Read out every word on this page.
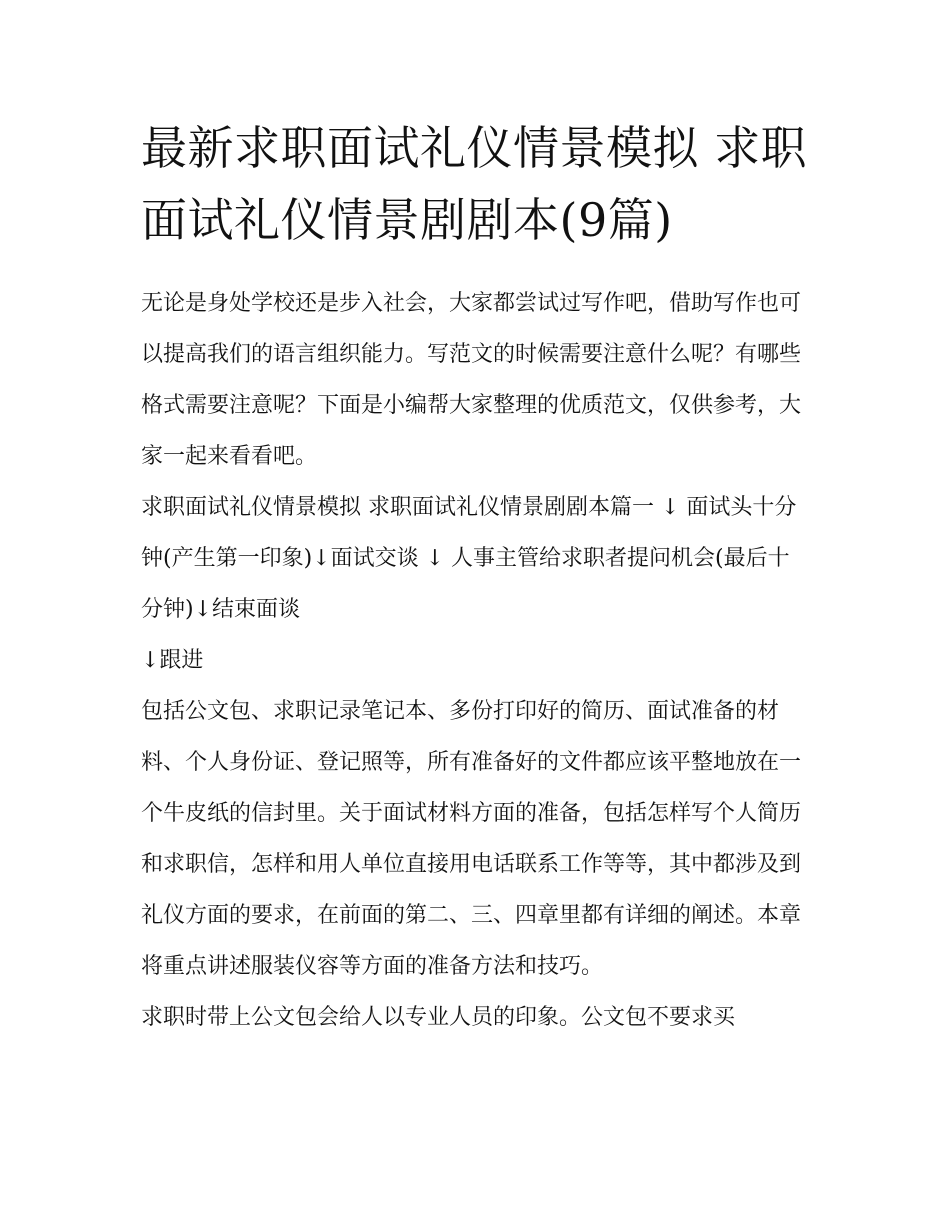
最新求职面试礼仪情景模拟 求职面试礼仪情景剧剧本(9篇)

无论是身处学校还是步入社会，大家都尝试过写作吧，借助写作也可以提高我们的语言组织能力。写范文的时候需要注意什么呢？有哪些格式需要注意呢？下面是小编帮大家整理的优质范文，仅供参考，大家一起来看看吧。

求职面试礼仪情景模拟 求职面试礼仪情景剧剧本篇一 ↓ 面试头十分钟(产生第一印象)↓面试交谈 ↓ 人事主管给求职者提问机会(最后十分钟)↓结束面谈

↓跟进

包括公文包、求职记录笔记本、多份打印好的简历、面试准备的材料、个人身份证、登记照等，所有准备好的文件都应该平整地放在一个牛皮纸的信封里。关于面试材料方面的准备，包括怎样写个人简历和求职信，怎样和用人单位直接用电话联系工作等等，其中都涉及到礼仪方面的要求，在前面的第二、三、四章里都有详细的阐述。本章将重点讲述服装仪容等方面的准备方法和技巧。

求职时带上公文包会给人以专业人员的印象。公文包不要求买
